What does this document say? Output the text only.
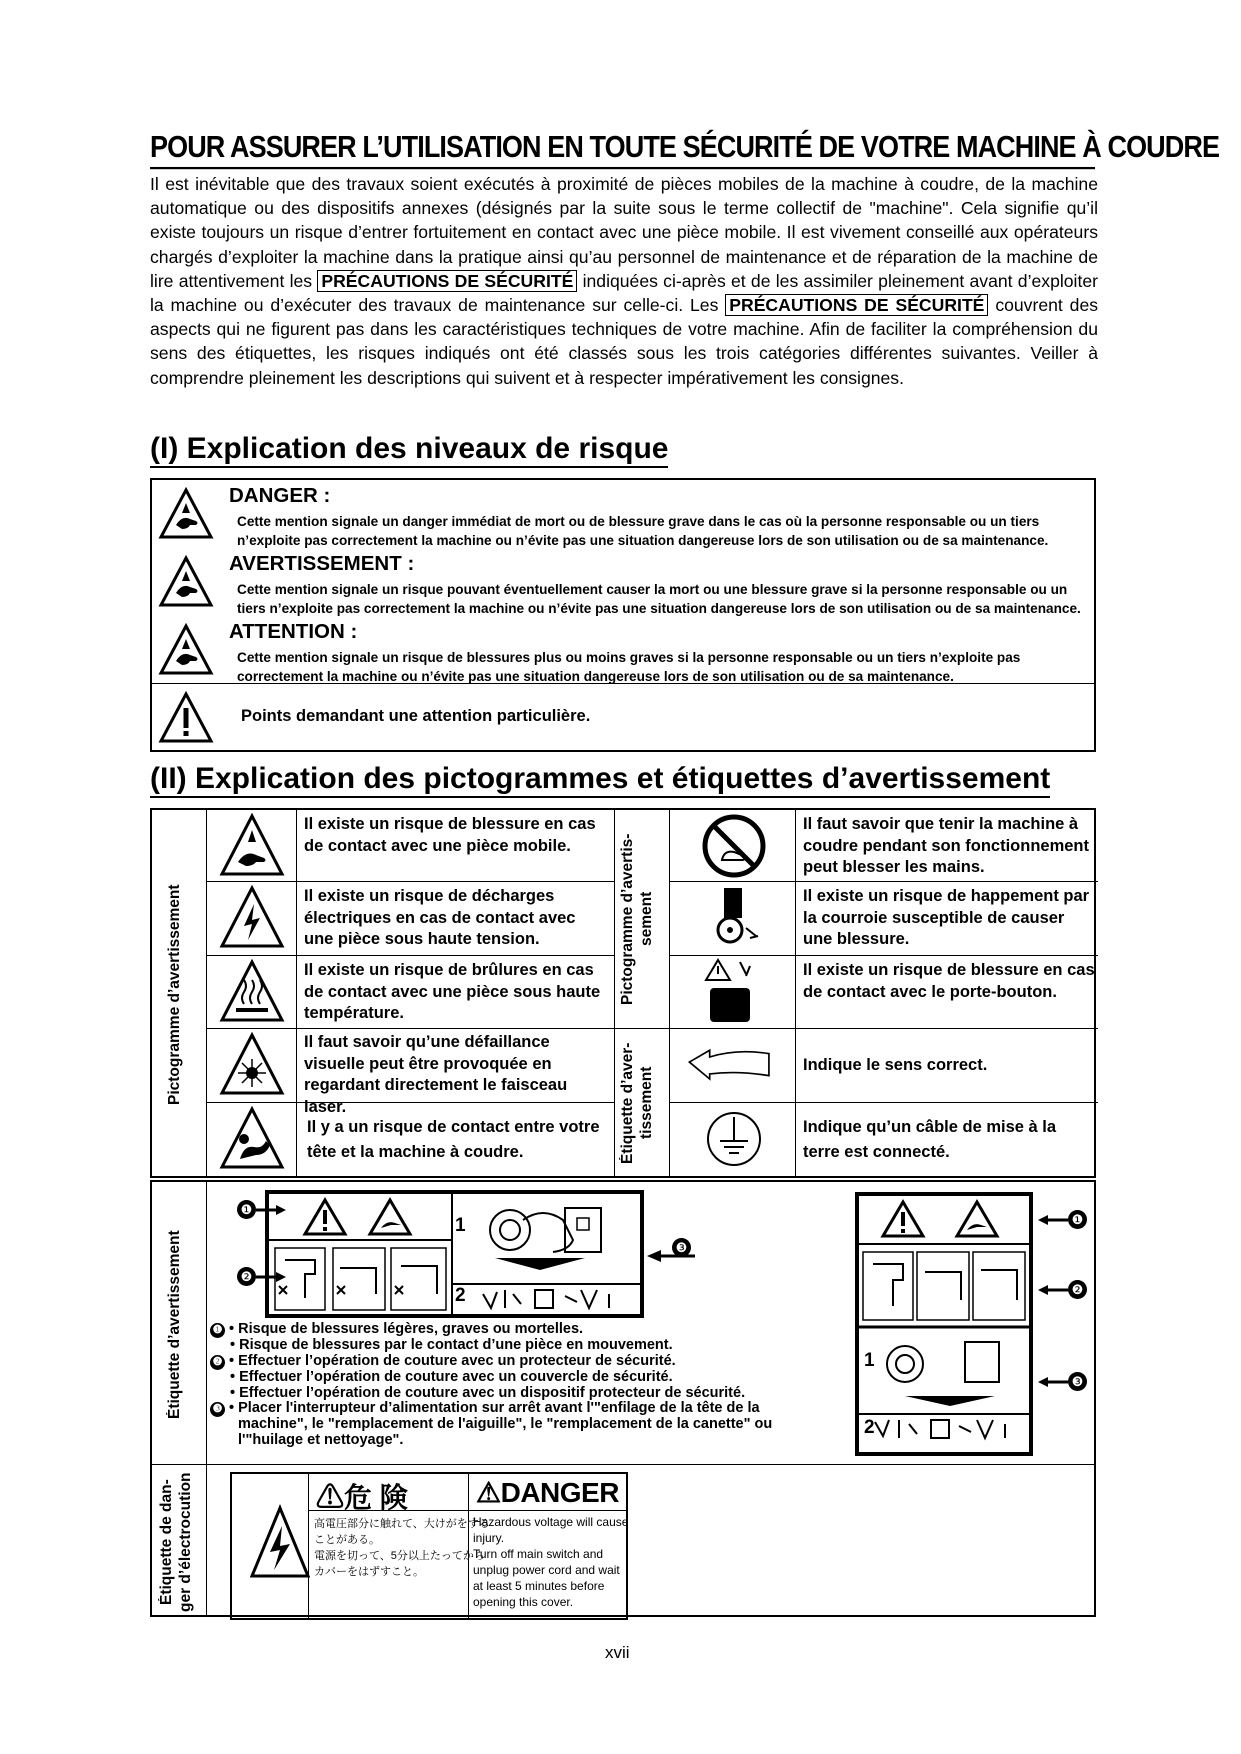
POUR ASSURER L’UTILISATION EN TOUTE SÉCURITÉ DE VOTRE MACHINE À COUDRE
Il est inévitable que des travaux soient exécutés à proximité de pièces mobiles de la machine à coudre, de la machine automatique ou des dispositifs annexes (désignés par la suite sous le terme collectif de "machine". Cela signifie qu’il existe toujours un risque d’entrer fortuitement en contact avec une pièce mobile. Il est vivement conseillé aux opérateurs chargés d’exploiter la machine dans la pratique ainsi qu’au personnel de maintenance et de réparation de la machine de lire attentivement les PRÉCAUTIONS DE SÉCURITÉ indiquées ci-après et de les assimiler pleinement avant d’exploiter la machine ou d’exécuter des travaux de maintenance sur celle-ci. Les PRÉCAUTIONS DE SÉCURITÉ couvrent des aspects qui ne figurent pas dans les caractéristiques techniques de votre machine. Afin de faciliter la compréhension du sens des étiquettes, les risques indiqués ont été classés sous les trois catégories différentes suivantes. Veiller à comprendre pleinement les descriptions qui suivent et à respecter impérativement les consignes.
(I) Explication des niveaux de risque
DANGER :
Cette mention signale un danger immédiat de mort ou de blessure grave dans le cas où la personne responsable ou un tiers n’exploite pas correctement la machine ou n’évite pas une situation dangereuse lors de son utilisation ou de sa maintenance.
AVERTISSEMENT :
Cette mention signale un risque pouvant éventuellement causer la mort ou une blessure grave si la personne responsable ou un tiers n’exploite pas correctement la machine ou n’évite pas une situation dangereuse lors de son utilisation ou de sa maintenance.
ATTENTION :
Cette mention signale un risque de blessures plus ou moins graves si la personne responsable ou un tiers n’exploite pas correctement la machine ou n’évite pas une situation dangereuse lors de son utilisation ou de sa maintenance.
Points demandant une attention particulière.
(II) Explication des pictogrammes et étiquettes d’avertissement
Pictogramme d’avertissement	Pictogramme d’avertis- sement
Étiquette d’aver- tissement
Il existe un risque de blessure en cas de contact avec une pièce mobile.
Il existe un risque de décharges électriques en cas de contact avec une pièce sous haute tension.
Il existe un risque de brûlures en cas de contact avec une pièce sous haute température.
Il faut savoir qu’une défaillance visuelle peut être provoquée en regardant directement le faisceau laser.
Il y a un risque de contact entre votre tête et la machine à coudre.
Il faut savoir que tenir la machine à coudre pendant son fonctionnement peut blesser les mains.
Il existe un risque de happement par la courroie susceptible de causer une blessure.
Il existe un risque de blessure en cas de contact avec le porte-bouton.
Indique le sens correct.
Indique qu’un câble de mise à la terre est connecté.
Étiquette d’avertissement
Étiquette de dan- ger d’électrocution
1
2
❶
❷
❸
1
2
❶
❷
❸
❶ • Risque de blessures légères, graves ou mortelles.
• Risque de blessures par le contact d’une pièce en mouvement.
❷ • Effectuer l’opération de couture avec un protecteur de sécurité.
• Effectuer l’opération de couture avec un couvercle de sécurité.
• Effectuer l’opération de couture avec un dispositif protecteur de sécurité.
❸ • Placer l'interrupteur d’alimentation sur arrêt avant l'"enfilage de la tête de la
machine", le "remplacement de l'aiguille", le "remplacement de la canette" ou
l'"huilage et nettoyage".
⚠危 険 ⚠DANGER
高電圧部分に触れて、大けがをする
ことがある。
電源を切って、5分以上たってから
カバーをはずすこと。
Hazardous voltage will cause
injury.
Turn off main switch and
unplug power cord and wait
at least 5 minutes before
opening this cover.
xvii
